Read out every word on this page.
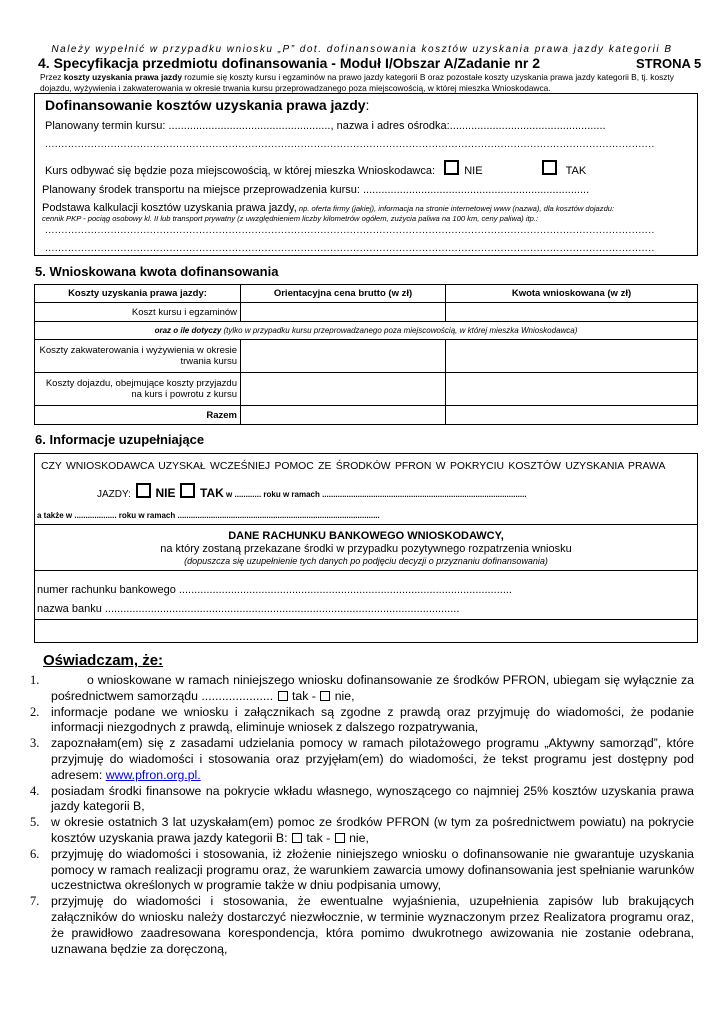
Należy wypełnić w przypadku wniosku „P” dot. dofinansowania kosztów uzyskania prawa jazdy kategorii B
4. Specyfikacja przedmiotu dofinansowania - Moduł I/Obszar A/Zadanie nr 2	STRONA 5
Przez koszty uzyskania prawa jazdy rozumie się koszty kursu i egzaminów na prawo jazdy kategorii B oraz pozostałe koszty uzyskania prawa jazdy kategorii B, tj. koszty dojazdu, wyżywienia i zakwaterowania w okresie trwania kursu przeprowadzanego poza miejscowością, w której mieszka Wnioskodawca.
Dofinansowanie kosztów uzyskania prawa jazdy:
Planowany termin kursu: ....................................................., nazwa i adres ośrodka:...................................................
..........................................................................................................................................................................................
Kurs odbywać się będzie poza miejscowością, w której mieszka Wnioskodawca:	NIE	TAK
Planowany środek transportu na miejsce przeprowadzenia kursu: ..........................................................................
Podstawa kalkulacji kosztów uzyskania prawa jazdy, np. oferta firmy (jakiej), informacja na stronie internetowej www (nazwa), dla kosztów dojazdu:
cennik PKP - pociąg osobowy kl. II lub transport prywatny (z uwzględnieniem liczby kilometrów ogółem, zużycia paliwa na 100 km, ceny paliwa) itp.:
..........................................................................................................................................................................................
..........................................................................................................................................................................................
5. Wnioskowana kwota dofinansowania
Koszty uzyskania prawa jazdy:	Orientacyjna cena brutto (w zł)	Kwota wnioskowana (w zł)
Koszt kursu i egzaminów		
oraz o ile dotyczy (tylko w przypadku kursu przeprowadzanego poza miejscowością, w której mieszka Wnioskodawca)		
Koszty zakwaterowania i wyżywienia w okresie trwania kursu		
Koszty dojazdu, obejmujące koszty przyjazdu na kurs i powrotu z kursu		
Razem		
6. Informacje uzupełniające
CZY WNIOSKODAWCA UZYSKAŁ WCZEŚNIEJ POMOC ZE ŚRODKÓW PFRON W POKRYCIU KOSZTÓW UZYSKANIA PRAWA
JAZDY: NIE TAK w ............ roku w ramach ............................................................................................
a także w ................... roku w ramach ...........................................................................................
DANE RACHUNKU BANKOWEGO WNIOSKODAWCY,
na który zostaną przekazane środki w przypadku pozytywnego rozpatrzenia wniosku
(dopuszcza się uzupełnienie tych danych po podjęciu decyzji o przyznaniu dofinansowania)
numer rachunku bankowego .............................................................................................................
nazwa banku ....................................................................................................................
Oświadczam, że:
1.	o wnioskowane w ramach niniejszego wniosku dofinansowanie ze środków PFRON, ubiegam się wyłącznie za pośrednictwem samorządu .....................  tak -  nie,
2. informacje podane we wniosku i załącznikach są zgodne z prawdą oraz przyjmuję do wiadomości, że podanie informacji niezgodnych z prawdą, eliminuje wniosek z dalszego rozpatrywania,
3. zapoznałam(em) się z zasadami udzielania pomocy w ramach pilotażowego programu „Aktywny samorząd”, które przyjmuję do wiadomości i stosowania oraz przyjęłam(em) do wiadomości, że tekst programu jest dostępny pod adresem: www.pfron.org.pl.
4. posiadam środki finansowe na pokrycie wkładu własnego, wynoszącego co najmniej 25% kosztów uzyskania prawa jazdy kategorii B,
5. w okresie ostatnich 3 lat uzyskałam(em) pomoc ze środków PFRON (w tym za pośrednictwem powiatu) na pokrycie kosztów uzyskania prawa jazdy kategorii B:  tak -  nie,
6. przyjmuję do wiadomości i stosowania, iż złożenie niniejszego wniosku o dofinansowanie nie gwarantuje uzyskania pomocy w ramach realizacji programu oraz, że warunkiem zawarcia umowy dofinansowania jest spełnianie warunków uczestnictwa określonych w programie także w dniu podpisania umowy,
7. przyjmuję do wiadomości i stosowania, że ewentualne wyjaśnienia, uzupełnienia zapisów lub brakujących załączników do wniosku należy dostarczyć niezwłocznie, w terminie wyznaczonym przez Realizatora programu oraz, że prawidłowo zaadresowana korespondencja, która pomimo dwukrotnego awizowania nie zostanie odebrana, uznawana będzie za doręczoną,
